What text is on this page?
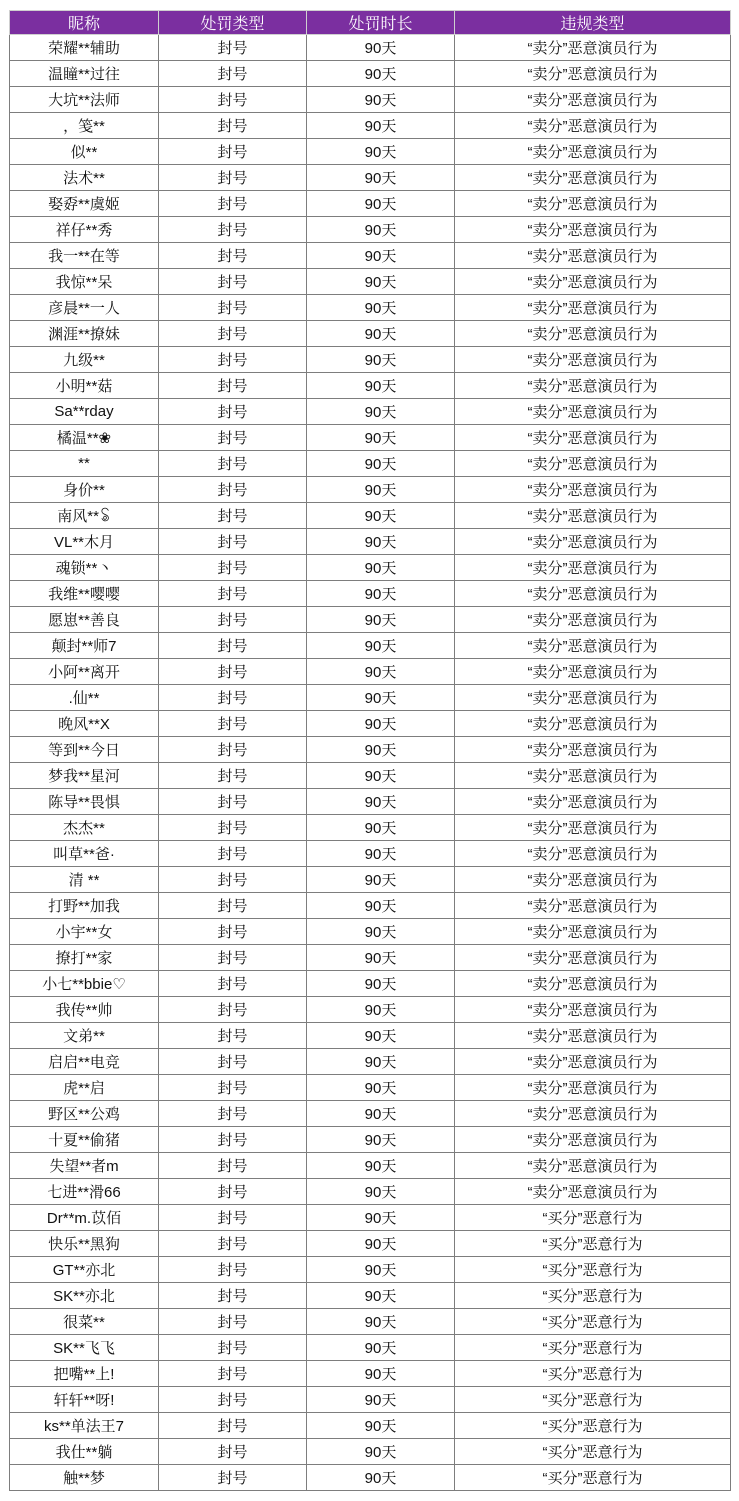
昵称	处罚类型	处罚时长	违规类型
荣耀**辅助	封号	90天	“卖分”恶意演员行为
温瞳**过往	封号	90天	“卖分”恶意演员行为
大坑**法师	封号	90天	“卖分”恶意演员行为
，笺**	封号	90天	“卖分”恶意演员行为
似**	封号	90天	“卖分”恶意演员行为
法术**	封号	90天	“卖分”恶意演员行为
娶孬**虞姬	封号	90天	“卖分”恶意演员行为
祥仔**秀	封号	90天	“卖分”恶意演员行为
我一**在等	封号	90天	“卖分”恶意演员行为
我惊**呆	封号	90天	“卖分”恶意演员行为
彦晨**一人	封号	90天	“卖分”恶意演员行为
渊涯**撩妹	封号	90天	“卖分”恶意演员行为
九级**	封号	90天	“卖分”恶意演员行为
小明**菇	封号	90天	“卖分”恶意演员行为
Sa**rday	封号	90天	“卖分”恶意演员行为
橘温**❀	封号	90天	“卖分”恶意演员行为
**	封号	90天	“卖分”恶意演员行为
身价**	封号	90天	“卖分”恶意演员行为
南风**ꂢ	封号	90天	“卖分”恶意演员行为
VL**木月	封号	90天	“卖分”恶意演员行为
魂锁**丶	封号	90天	“卖分”恶意演员行为
我维**嘤嘤	封号	90天	“卖分”恶意演员行为
愿崽**善良	封号	90天	“卖分”恶意演员行为
颠封**师7	封号	90天	“卖分”恶意演员行为
小阿**离开	封号	90天	“卖分”恶意演员行为
.仙**	封号	90天	“卖分”恶意演员行为
晚风**X	封号	90天	“卖分”恶意演员行为
等到**今日	封号	90天	“卖分”恶意演员行为
梦我**星河	封号	90天	“卖分”恶意演员行为
陈导**畏惧	封号	90天	“卖分”恶意演员行为
杰杰**	封号	90天	“卖分”恶意演员行为
叫草**爸·	封号	90天	“卖分”恶意演员行为
清 **	封号	90天	“卖分”恶意演员行为
打野**加我	封号	90天	“卖分”恶意演员行为
小宇**女	封号	90天	“卖分”恶意演员行为
撩打**家	封号	90天	“卖分”恶意演员行为
小七**bbie♡	封号	90天	“卖分”恶意演员行为
我传**帅	封号	90天	“卖分”恶意演员行为
文弟**	封号	90天	“卖分”恶意演员行为
启启**电竞	封号	90天	“卖分”恶意演员行为
虎**启	封号	90天	“卖分”恶意演员行为
野区**公鸡	封号	90天	“卖分”恶意演员行为
十夏**偷猪	封号	90天	“卖分”恶意演员行为
失望**者m	封号	90天	“卖分”恶意演员行为
七进**滑66	封号	90天	“卖分”恶意演员行为
Dr**m.苡佰	封号	90天	“买分”恶意行为
快乐**黑狗	封号	90天	“买分”恶意行为
GT**亦北	封号	90天	“买分”恶意行为
SK**亦北	封号	90天	“买分”恶意行为
很菜**	封号	90天	“买分”恶意行为
SK**飞飞	封号	90天	“买分”恶意行为
把嘴**上!	封号	90天	“买分”恶意行为
轩轩**呀!	封号	90天	“买分”恶意行为
ks**单法王7	封号	90天	“买分”恶意行为
我仕**躺	封号	90天	“买分”恶意行为
触**梦	封号	90天	“买分”恶意行为
